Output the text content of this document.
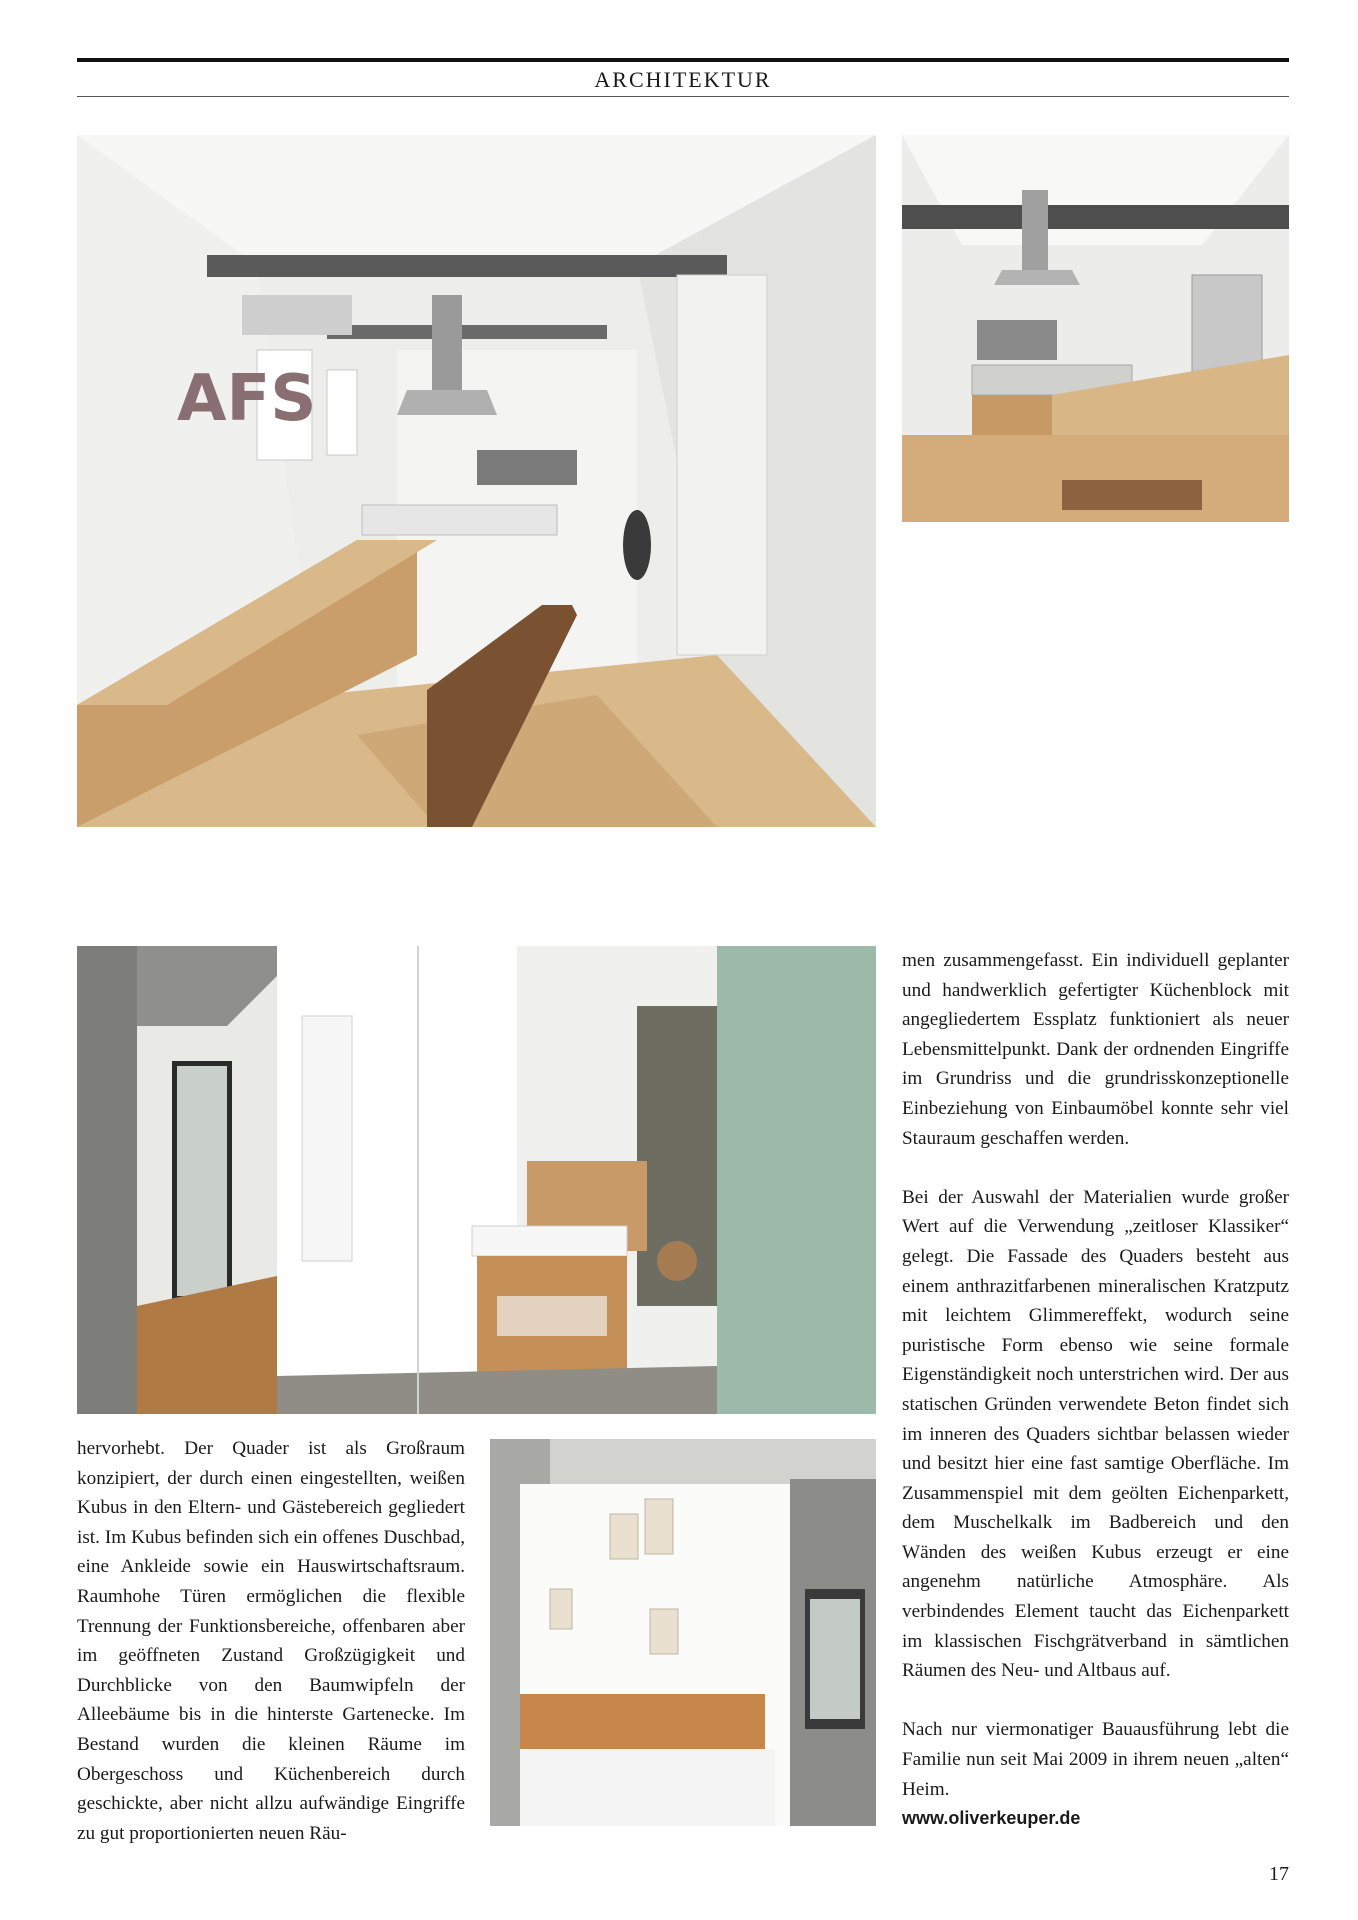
ARCHITEKTUR
AFS

hervorhebt. Der Quader ist als Großraum konzipiert, der durch einen eingestellten, weißen Kubus in den Eltern- und Gästebereich gegliedert ist. Im Kubus befinden sich ein offenes Duschbad, eine Ankleide sowie ein Hauswirtschaftsraum. Raumhohe Türen ermöglichen die flexible Trennung der Funktionsbereiche, offenbaren aber im geöffneten Zustand Großzügigkeit und Durchblicke von den Baumwipfeln der Alleebäume bis in die hinterste Gartenecke. Im Bestand wurden die kleinen Räume im Obergeschoss und Küchenbereich durch geschickte, aber nicht allzu aufwändige Eingriffe zu gut proportionierten neuen Räu-

men zusammengefasst. Ein individuell geplanter und handwerklich gefertigter Küchenblock mit angegliedertem Essplatz funktioniert als neuer Lebensmittelpunkt. Dank der ordnenden Eingriffe im Grundriss und die grundrisskonzeptionelle Einbeziehung von Einbaumöbel konnte sehr viel Stauraum geschaffen werden.

Bei der Auswahl der Materialien wurde großer Wert auf die Verwendung „zeitloser Klassiker“ gelegt. Die Fassade des Quaders besteht aus einem anthrazitfarbenen mineralischen Kratzputz mit leichtem Glimmereffekt, wodurch seine puristische Form ebenso wie seine formale Eigenständigkeit noch unterstrichen wird. Der aus statischen Gründen verwendete Beton findet sich im inneren des Quaders sichtbar belassen wieder und besitzt hier eine fast samtige Oberfläche. Im Zusammenspiel mit dem geölten Eichenparkett, dem Muschelkalk im Badbereich und den Wänden des weißen Kubus erzeugt er eine angenehm natürliche Atmosphäre. Als verbindendes Element taucht das Eichenparkett im klassischen Fischgrätverband in sämtlichen Räumen des Neu- und Altbaus auf.

Nach nur viermonatiger Bauausführung lebt die Familie nun seit Mai 2009 in ihrem neuen „alten“ Heim.

www.oliverkeuper.de

17
